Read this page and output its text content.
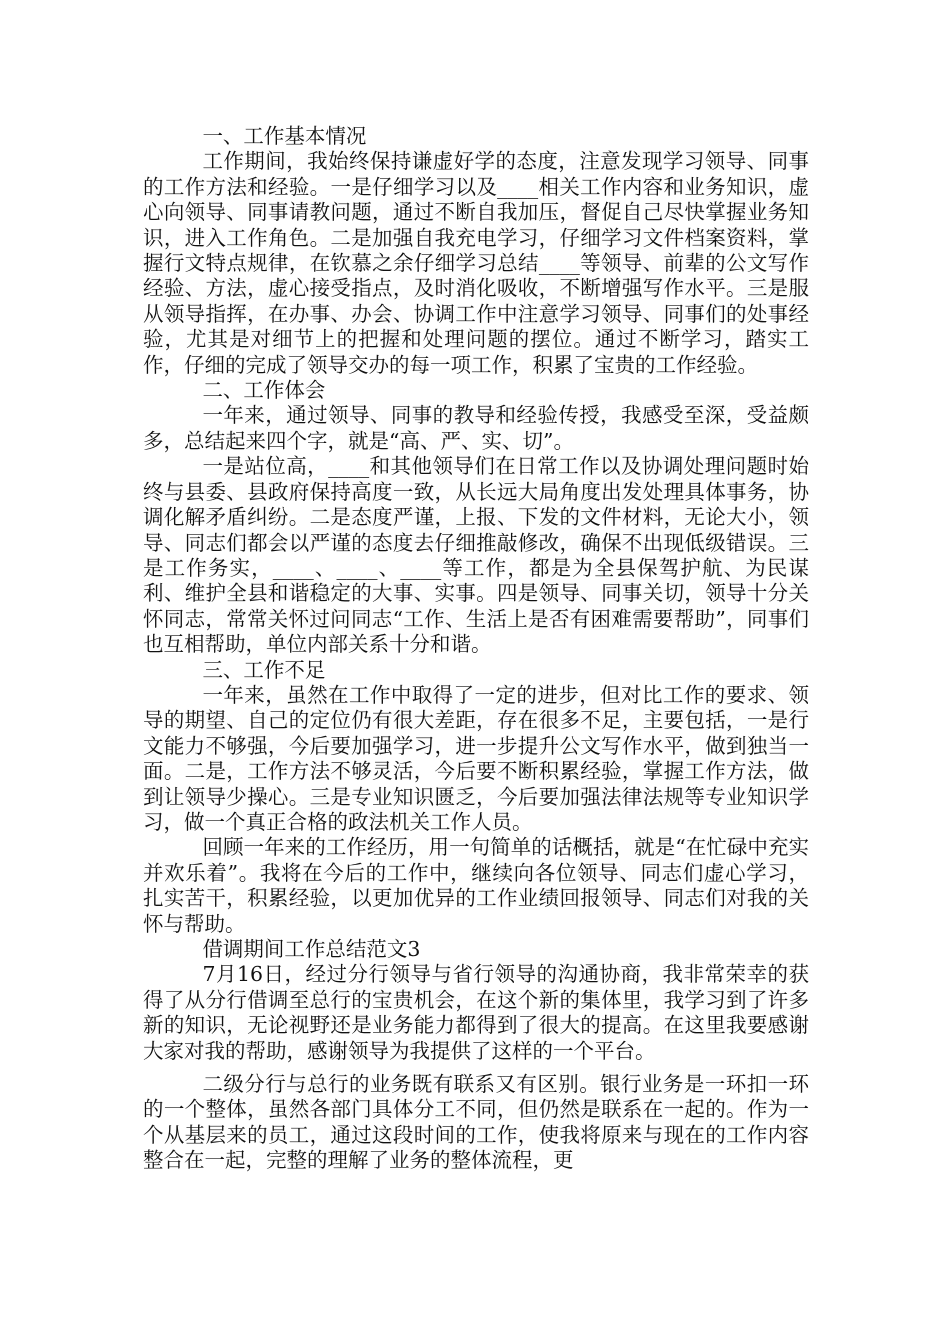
一、工作基本情况

工作期间，我始终保持谦虚好学的态度，注意发现学习领导、同事的工作方法和经验。一是仔细学习以及____相关工作内容和业务知识，虚心向领导、同事请教问题，通过不断自我加压，督促自己尽快掌握业务知识，进入工作角色。二是加强自我充电学习，仔细学习文件档案资料，掌握行文特点规律，在钦慕之余仔细学习总结____等领导、前辈的公文写作经验、方法，虚心接受指点，及时消化吸收，不断增强写作水平。三是服从领导指挥，在办事、办会、协调工作中注意学习领导、同事们的处事经验，尤其是对细节上的把握和处理问题的摆位。通过不断学习，踏实工作，仔细的完成了领导交办的每一项工作，积累了宝贵的工作经验。

二、工作体会

一年来，通过领导、同事的教导和经验传授，我感受至深，受益颇多，总结起来四个字，就是“高、严、实、切”。

一是站位高，____和其他领导们在日常工作以及协调处理问题时始终与县委、县政府保持高度一致，从长远大局角度出发处理具体事务，协调化解矛盾纠纷。二是态度严谨，上报、下发的文件材料，无论大小，领导、同志们都会以严谨的态度去仔细推敲修改，确保不出现低级错误。三是工作务实，____、____、____等工作，都是为全县保驾护航、为民谋利、维护全县和谐稳定的大事、实事。四是领导、同事关切，领导十分关怀同志，常常关怀过问同志“工作、生活上是否有困难需要帮助”，同事们也互相帮助，单位内部关系十分和谐。

三、工作不足

一年来，虽然在工作中取得了一定的进步，但对比工作的要求、领导的期望、自己的定位仍有很大差距，存在很多不足，主要包括，一是行文能力不够强，今后要加强学习，进一步提升公文写作水平，做到独当一面。二是，工作方法不够灵活，今后要不断积累经验，掌握工作方法，做到让领导少操心。三是专业知识匮乏，今后要加强法律法规等专业知识学习，做一个真正合格的政法机关工作人员。

回顾一年来的工作经历，用一句简单的话概括，就是“在忙碌中充实并欢乐着”。我将在今后的工作中，继续向各位领导、同志们虚心学习，扎实苦干，积累经验，以更加优异的工作业绩回报领导、同志们对我的关怀与帮助。

借调期间工作总结范文3

7月16日，经过分行领导与省行领导的沟通协商，我非常荣幸的获得了从分行借调至总行的宝贵机会，在这个新的集体里，我学习到了许多新的知识，无论视野还是业务能力都得到了很大的提高。在这里我要感谢大家对我的帮助，感谢领导为我提供了这样的一个平台。

二级分行与总行的业务既有联系又有区别。银行业务是一环扣一环的一个整体，虽然各部门具体分工不同，但仍然是联系在一起的。作为一个从基层来的员工，通过这段时间的工作，使我将原来与现在的工作内容整合在一起，完整的理解了业务的整体流程，更
